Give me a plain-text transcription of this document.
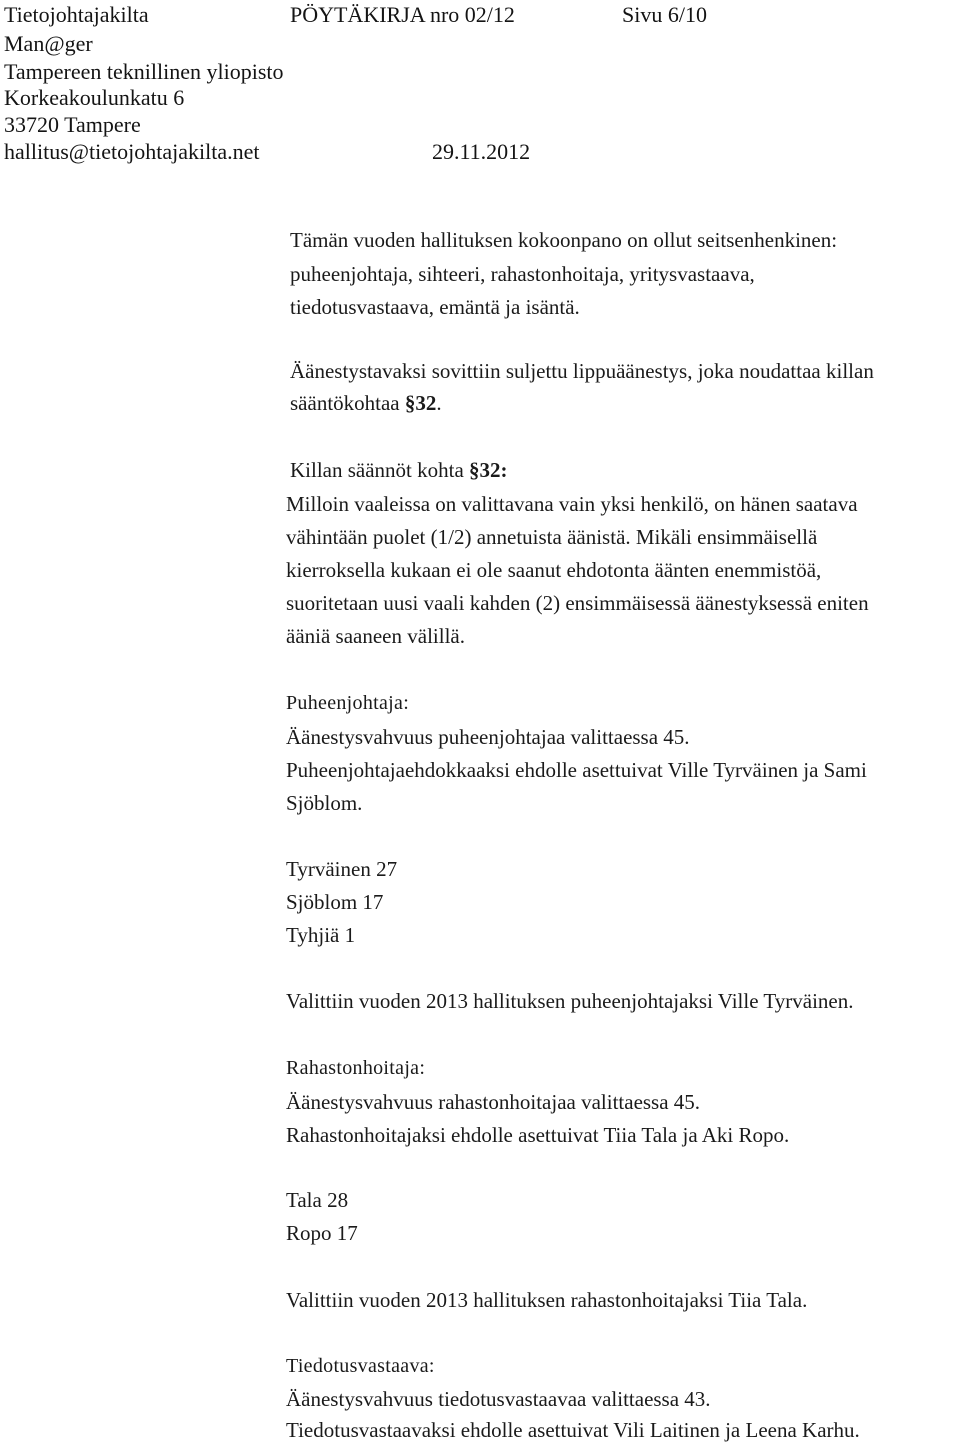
Tietojohtajakilta	PÖYTÄKIRJA nro 02/12	Sivu 6/10
Man@ger
Tampereen teknillinen yliopisto
Korkeakoulunkatu 6
33720 Tampere
hallitus@tietojohtajakilta.net	29.11.2012
Tämän vuoden hallituksen kokoonpano on ollut seitsenhenkinen:
puheenjohtaja, sihteeri, rahastonhoitaja, yritysvastaava,
tiedotusvastaava, emäntä ja isäntä.
Äänestystavaksi sovittiin suljettu lippuäänestys, joka noudattaa killan
sääntökohtaa §32.
Killan säännöt kohta §32:
Milloin vaaleissa on valittavana vain yksi henkilö, on hänen saatava
vähintään puolet (1/2) annetuista äänistä. Mikäli ensimmäisellä
kierroksella kukaan ei ole saanut ehdotonta äänten enemmistöä,
suoritetaan uusi vaali kahden (2) ensimmäisessä äänestyksessä eniten
ääniä saaneen välillä.
Puheenjohtaja:
Äänestysvahvuus puheenjohtajaa valittaessa 45.
Puheenjohtajaehdokkaaksi ehdolle asettuivat Ville Tyrväinen ja Sami
Sjöblom.
Tyrväinen 27
Sjöblom 17
Tyhjiä 1
Valittiin vuoden 2013 hallituksen puheenjohtajaksi Ville Tyrväinen.
Rahastonhoitaja:
Äänestysvahvuus rahastonhoitajaa valittaessa 45.
Rahastonhoitajaksi ehdolle asettuivat Tiia Tala ja Aki Ropo.
Tala 28
Ropo 17
Valittiin vuoden 2013 hallituksen rahastonhoitajaksi Tiia Tala.
Tiedotusvastaava:
Äänestysvahvuus tiedotusvastaavaa valittaessa 43.
Tiedotusvastaavaksi ehdolle asettuivat Vili Laitinen ja Leena Karhu.
